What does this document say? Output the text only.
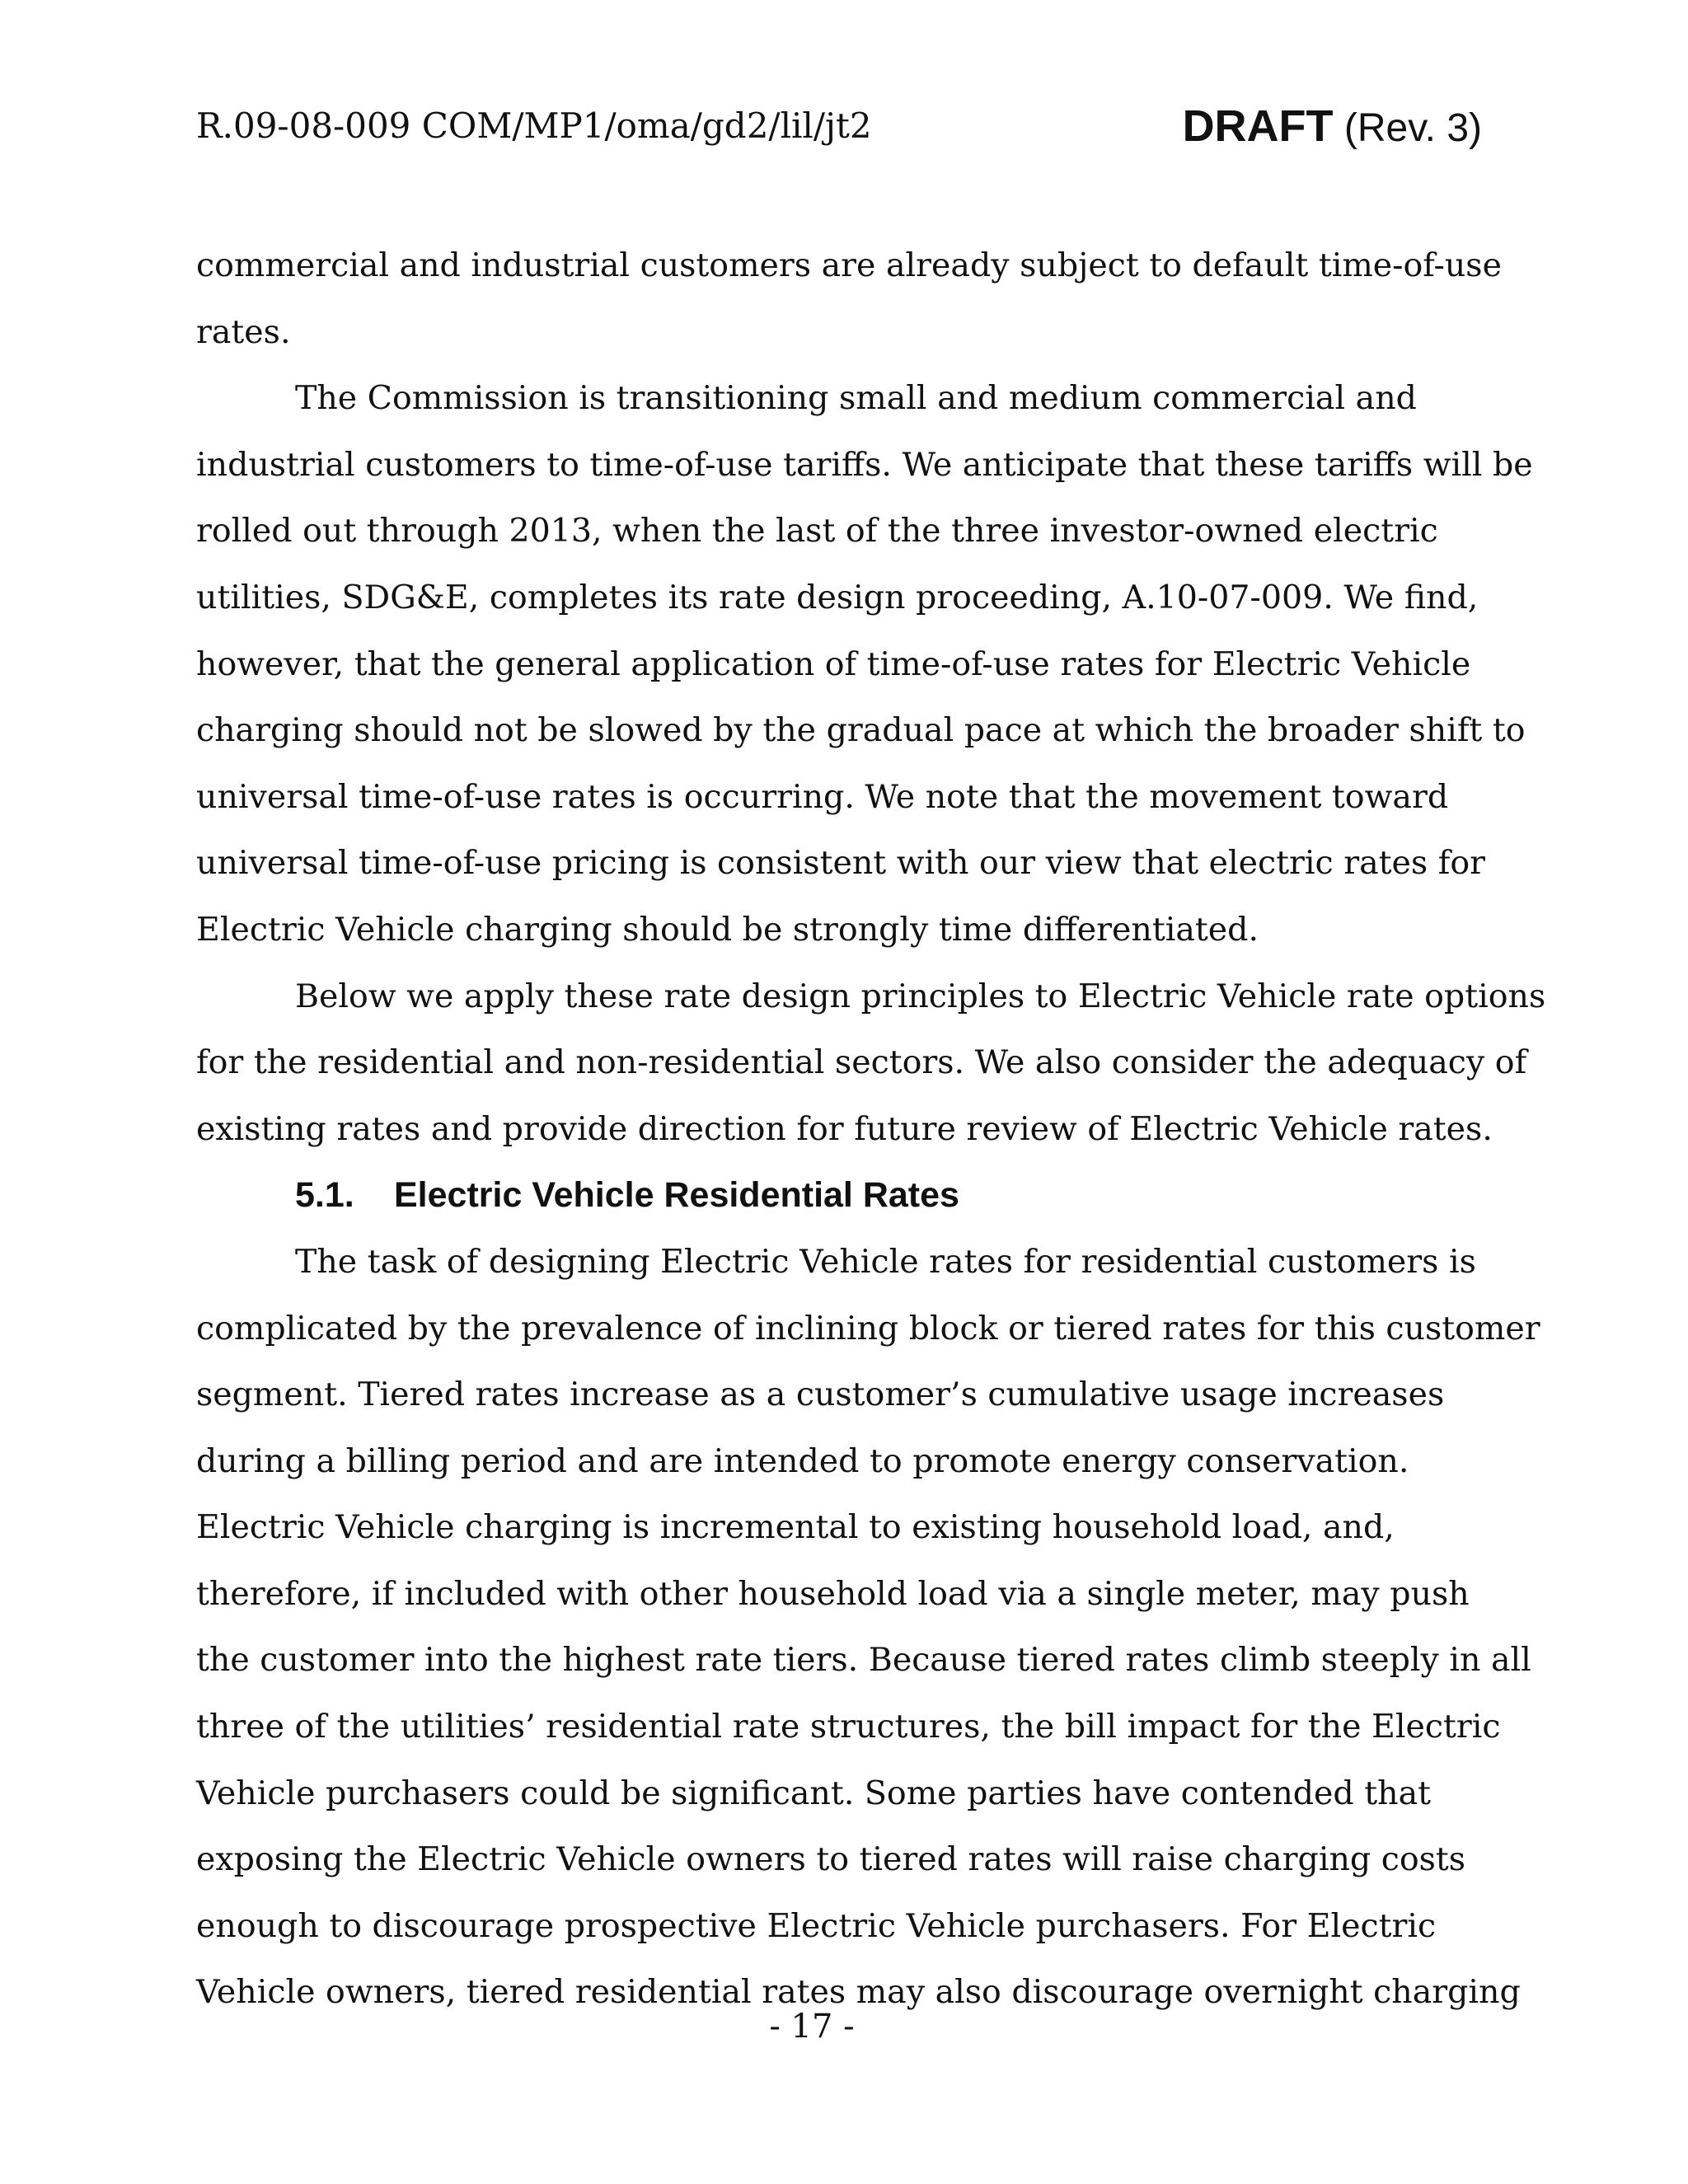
R.09-08-009 COM/MP1/oma/gd2/lil/jt2	DRAFT (Rev. 3)
commercial and industrial customers are already subject to default time-of-use
rates.
The Commission is transitioning small and medium commercial and
industrial customers to time-of-use tariffs. We anticipate that these tariffs will be
rolled out through 2013, when the last of the three investor-owned electric
utilities, SDG&E, completes its rate design proceeding, A.10-07-009. We find,
however, that the general application of time-of-use rates for Electric Vehicle
charging should not be slowed by the gradual pace at which the broader shift to
universal time-of-use rates is occurring. We note that the movement toward
universal time-of-use pricing is consistent with our view that electric rates for
Electric Vehicle charging should be strongly time differentiated.
Below we apply these rate design principles to Electric Vehicle rate options
for the residential and non-residential sectors. We also consider the adequacy of
existing rates and provide direction for future review of Electric Vehicle rates.
5.1. Electric Vehicle Residential Rates
The task of designing Electric Vehicle rates for residential customers is
complicated by the prevalence of inclining block or tiered rates for this customer
segment. Tiered rates increase as a customer’s cumulative usage increases
during a billing period and are intended to promote energy conservation.
Electric Vehicle charging is incremental to existing household load, and,
therefore, if included with other household load via a single meter, may push
the customer into the highest rate tiers. Because tiered rates climb steeply in all
three of the utilities’ residential rate structures, the bill impact for the Electric
Vehicle purchasers could be significant. Some parties have contended that
exposing the Electric Vehicle owners to tiered rates will raise charging costs
enough to discourage prospective Electric Vehicle purchasers. For Electric
Vehicle owners, tiered residential rates may also discourage overnight charging
- 17 -
